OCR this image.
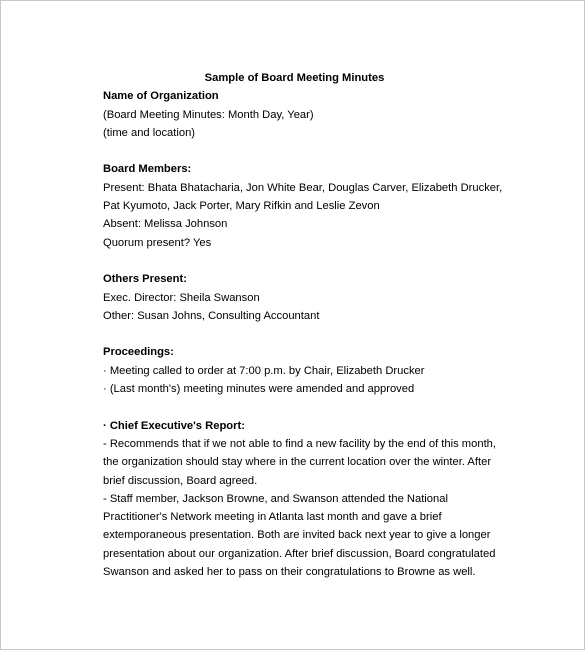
Sample of Board Meeting Minutes
Name of Organization
(Board Meeting Minutes: Month Day, Year)
(time and location)
Board Members:
Present: Bhata Bhatacharia, Jon White Bear, Douglas Carver, Elizabeth Drucker,
Pat Kyumoto, Jack Porter, Mary Rifkin and Leslie Zevon
Absent: Melissa Johnson
Quorum present? Yes
Others Present:
Exec. Director: Sheila Swanson
Other: Susan Johns, Consulting Accountant
Proceedings:
· Meeting called to order at 7:00 p.m. by Chair, Elizabeth Drucker
· (Last month's) meeting minutes were amended and approved
· Chief Executive's Report:
- Recommends that if we not able to find a new facility by the end of this month,
the organization should stay where in the current location over the winter. After
brief discussion, Board agreed.
- Staff member, Jackson Browne, and Swanson attended the National
Practitioner's Network meeting in Atlanta last month and gave a brief
extemporaneous presentation. Both are invited back next year to give a longer
presentation about our organization. After brief discussion, Board congratulated
Swanson and asked her to pass on their congratulations to Browne as well.
